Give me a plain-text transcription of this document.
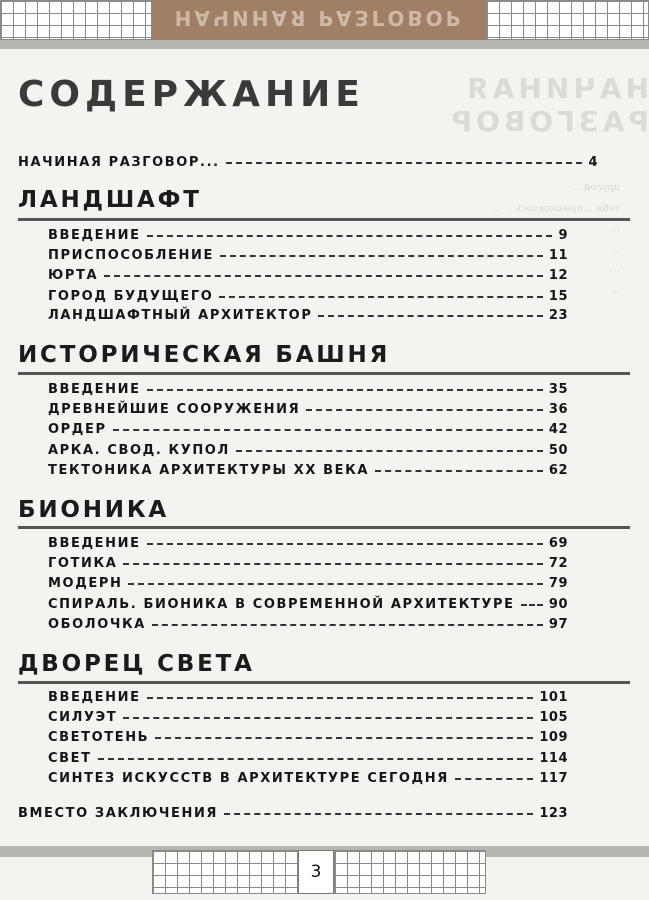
НАЧИНАЯ РАЗГОВОР
НАЧИНАЯ РАЗГОВОР
другой...
тебя ...приходилось... ...
...
...
...
...
СОДЕРЖАНИЕ
НАЧИНАЯ РАЗГОВОР...	4
ЛАНДШАФТ
ВВЕДЕНИЕ	9
ПРИСПОСОБЛЕНИЕ	11
ЮРТА	12
ГОРОД БУДУЩЕГО	15
ЛАНДШАФТНЫЙ АРХИТЕКТОР	23
ИСТОРИЧЕСКАЯ БАШНЯ
ВВЕДЕНИЕ	35
ДРЕВНЕЙШИЕ СООРУЖЕНИЯ	36
ОРДЕР	42
АРКА. СВОД. КУПОЛ	50
ТЕКТОНИКА АРХИТЕКТУРЫ XX ВЕКА	62
БИОНИКА
ВВЕДЕНИЕ	69
ГОТИКА	72
МОДЕРН	79
СПИРАЛЬ. БИОНИКА В СОВРЕМЕННОЙ АРХИТЕКТУРЕ	90
ОБОЛОЧКА	97
ДВОРЕЦ СВЕТА
ВВЕДЕНИЕ	101
СИЛУЭТ	105
СВЕТОТЕНЬ	109
СВЕТ	114
СИНТЕЗ ИСКУССТВ В АРХИТЕКТУРЕ СЕГОДНЯ	117
ВМЕСТО ЗАКЛЮЧЕНИЯ	123
3
